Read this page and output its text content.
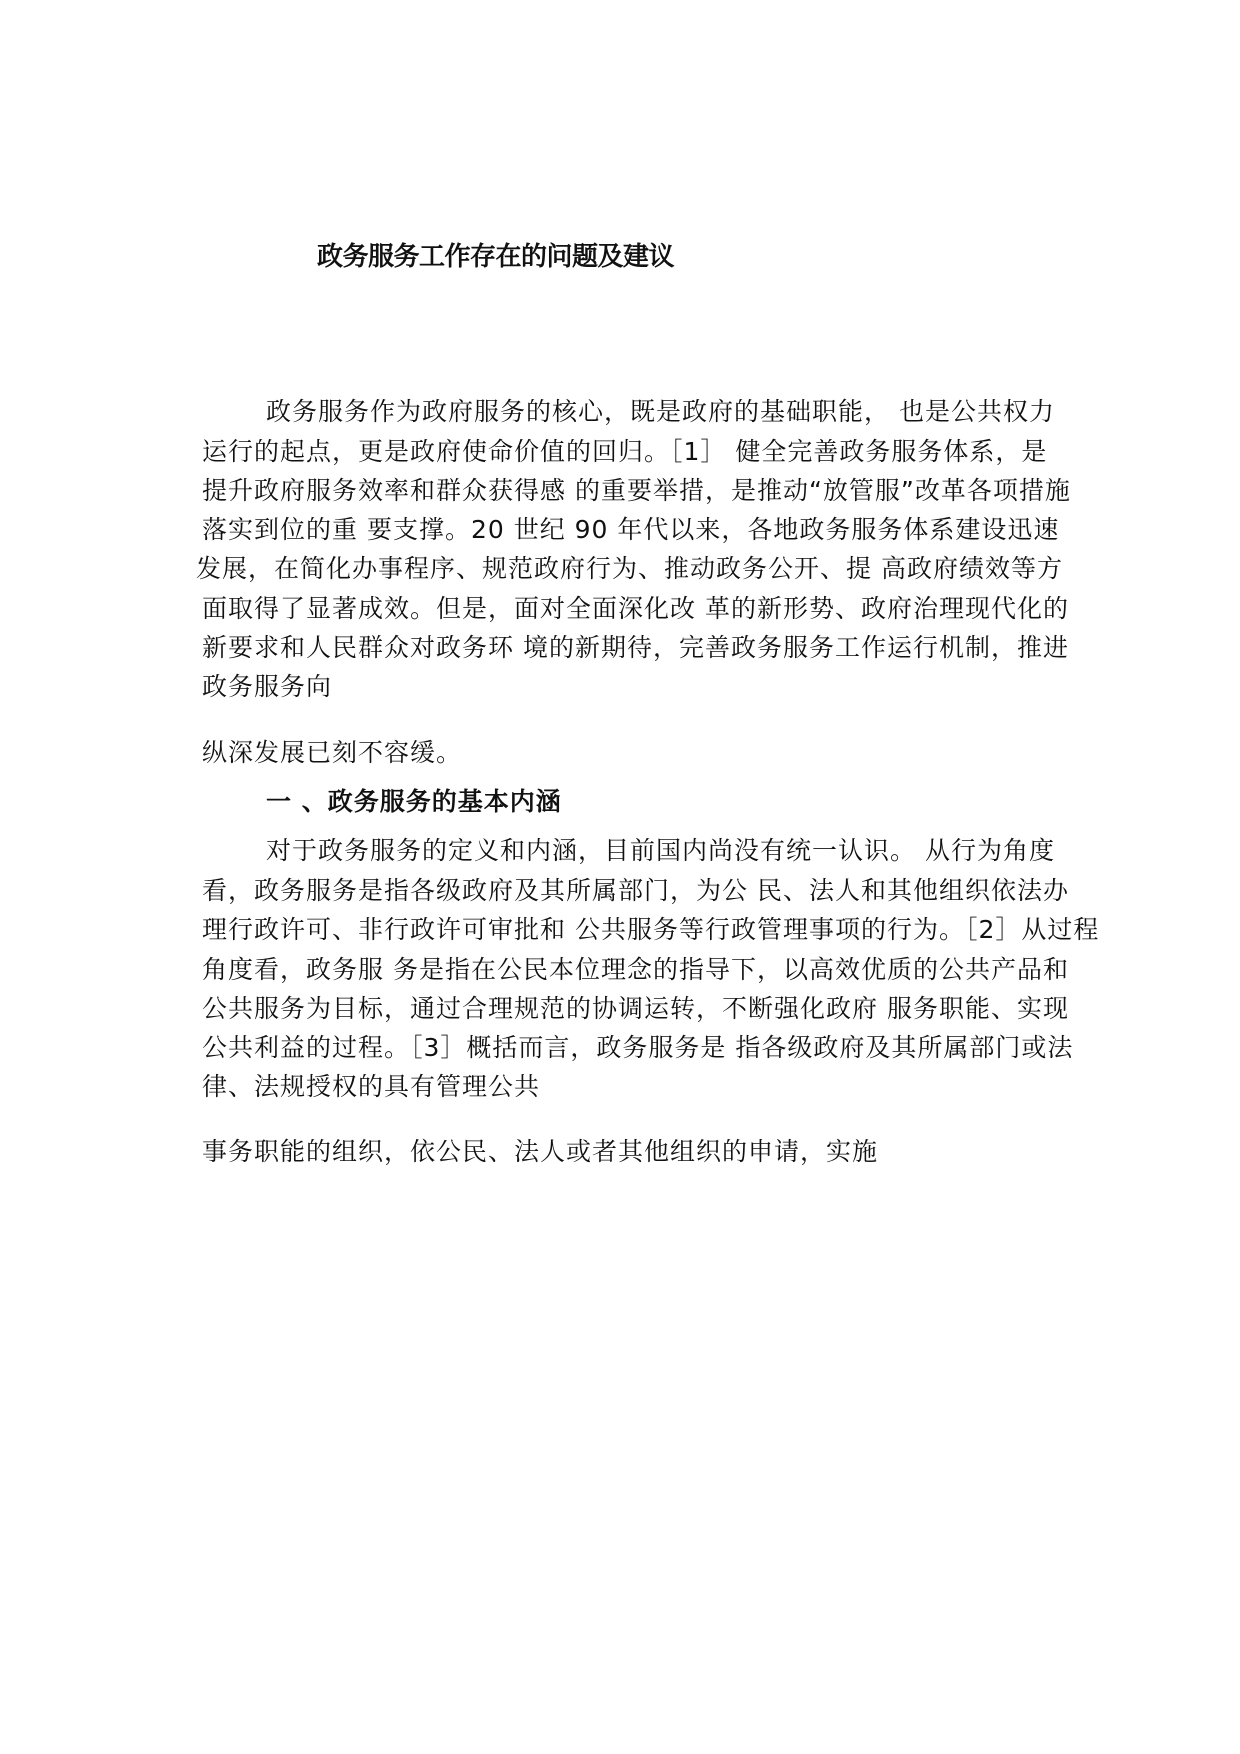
政务服务工作存在的问题及建议

政务服务作为政府服务的核心，既是政府的基础职能， 也是公共权力

运行的起点，更是政府使命价值的回归。［1］ 健全完善政务服务体系，是

提升政府服务效率和群众获得感 的重要举措，是推动“放管服”改革各项措施

落实到位的重 要支撑。20 世纪 90 年代以来，各地政务服务体系建设迅速

发展，在简化办事程序、规范政府行为、推动政务公开、提 高政府绩效等方

面取得了显著成效。但是，面对全面深化改 革的新形势、政府治理现代化的

新要求和人民群众对政务环 境的新期待，完善政务服务工作运行机制，推进

政务服务向

纵深发展已刻不容缓。

一 、政务服务的基本内涵

对于政务服务的定义和内涵，目前国内尚没有统一认识。 从行为角度

看，政务服务是指各级政府及其所属部门，为公 民、法人和其他组织依法办

理行政许可、非行政许可审批和 公共服务等行政管理事项的行为。［2］从过程

角度看，政务服 务是指在公民本位理念的指导下，以高效优质的公共产品和

公共服务为目标，通过合理规范的协调运转，不断强化政府 服务职能、实现

公共利益的过程。［3］概括而言，政务服务是 指各级政府及其所属部门或法

律、法规授权的具有管理公共

事务职能的组织，依公民、法人或者其他组织的申请，实施
